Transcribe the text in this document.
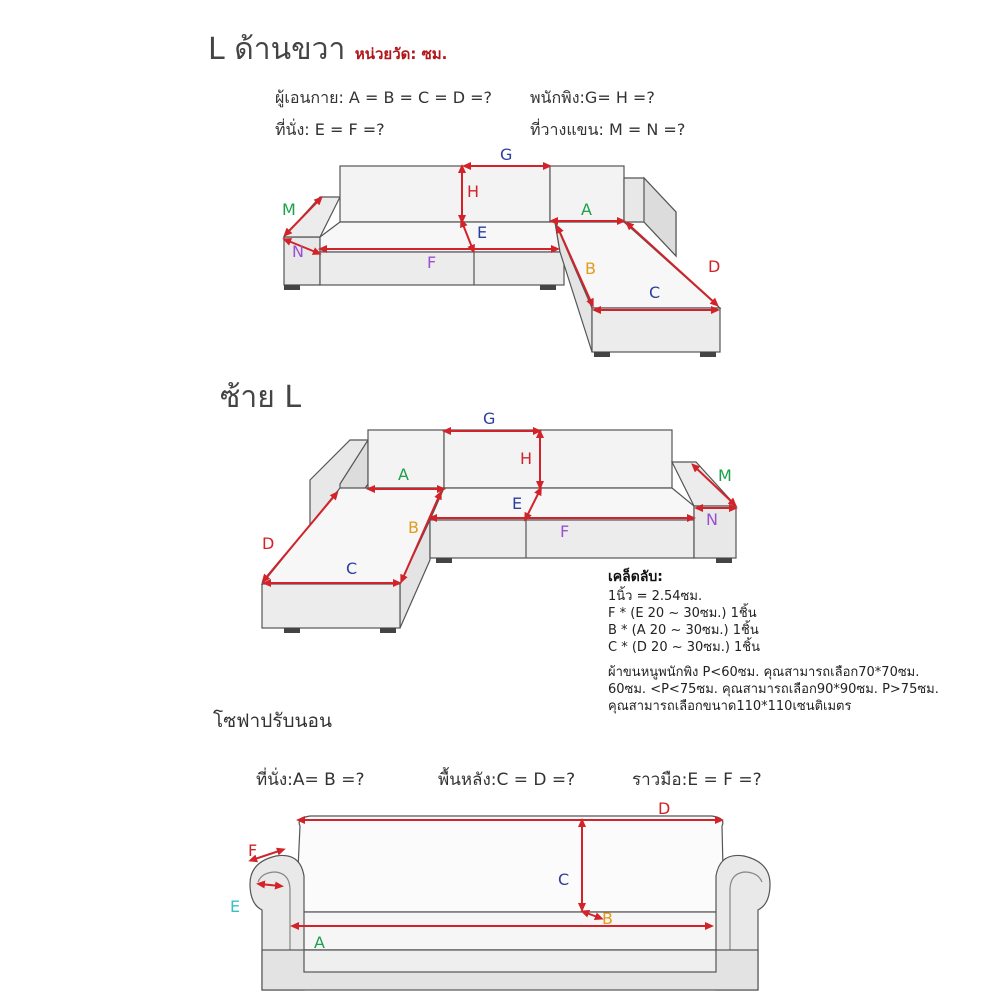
L ด้านขวา หน่วยวัด: ซม.
ผู้เอนกาย: A = B = C = D =? พนักพิง:G= H =?
ที่นั่ง: E = F =?	ที่วางแขน: M = N =?
ซ้าย L
เคล็ดลับ:
1นิ้ว = 2.54ซม.
F * (E 20 ~ 30ซม.) 1ชิ้น
B * (A 20 ~ 30ซม.) 1ชิ้น
C * (D 20 ~ 30ซม.) 1ชิ้น
ผ้าขนหนูพนักพิง P<60ซม. คุณสามารถเลือก70*70ซม.
60ซม. <P<75ซม. คุณสามารถเลือก90*90ซม. P>75ซม.
คุณสามารถเลือกขนาด110*110เซนติเมตร
โซฟาปรับนอน
ที่นั่ง:A= B =?	พื้นหลัง:C = D =?	ราวมือ:E = F =?
G
H
E
F
M
N
A
B
C
D
G
H
A
E
F
M
N
B
C
D
D
C
B
A
F
E
